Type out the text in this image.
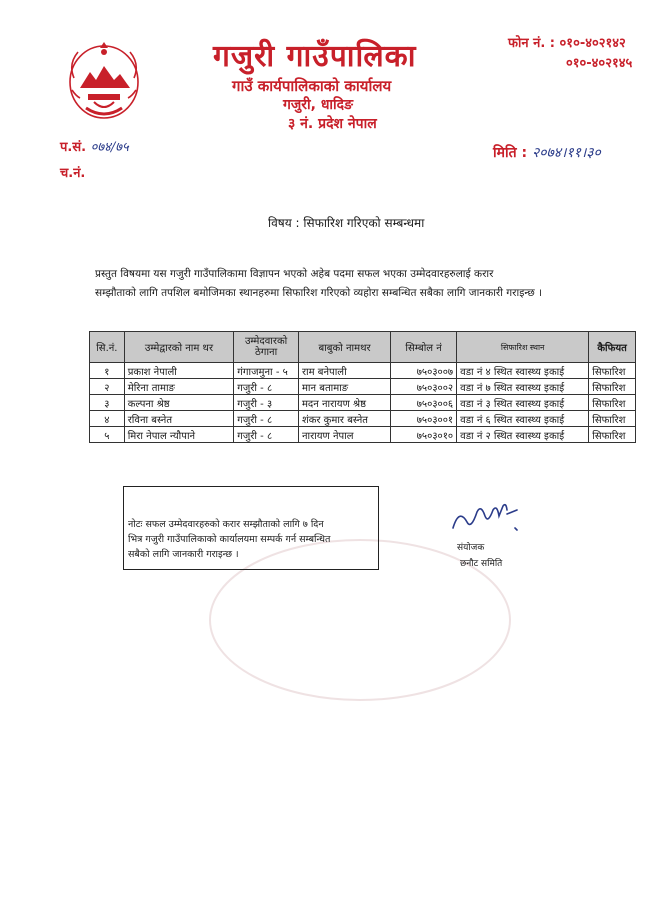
गजुरी गाउँपालिका
गाउँ कार्यपालिकाको कार्यालय
गजुरी, धादिङ
३ नं. प्रदेश नेपाल
फोन नं. : ०१०-४०२१४२
०१०-४०२१४५
प.सं. ०७४/७५
च.नं.
मिति : २०७४।११।३०
विषय : सिफारिश गरिएको सम्बन्धमा
प्रस्तुत विषयमा यस गजुरी गाउँपालिकामा विज्ञापन भएको अहेब पदमा सफल भएका उम्मेदवारहरुलाई करार
सम्झौताको लागि तपशिल बमोजिमका स्थानहरुमा सिफारिश गरिएको व्यहोरा सम्बन्धित सबैका लागि जानकारी गराइन्छ ।
सि.नं.	उम्मेद्वारको नाम थर	उम्मेदवारको ठेगाना	बाबुको नामथर	सिम्बोल नं	सिफारिश स्थान	कैफियत
१	प्रकाश नेपाली	गंगाजमुना - ५	राम बनेपाली	७५०३००७	वडा नं ४ स्थित स्वास्थ्य इकाई	सिफारिश
२	मेरिना तामाङ	गजुरी - ८	मान बतामाङ	७५०३००२	वडा नं ७ स्थित स्वास्थ्य इकाई	सिफारिश
३	कल्पना श्रेष्ठ	गजुरी - ३	मदन नारायण श्रेष्ठ	७५०३००६	वडा नं ३ स्थित स्वास्थ्य इकाई	सिफारिश
४	रविना बस्नेत	गजुरी - ८	शंकर कुमार बस्नेत	७५०३००१	वडा नं ६ स्थित स्वास्थ्य इकाई	सिफारिश
५	मिरा नेपाल न्यौपाने	गजुरी - ८	नारायण नेपाल	७५०३०१०	वडा नं २ स्थित स्वास्थ्य इकाई	सिफारिश
नोटः सफल उम्मेदवारहरुको करार सम्झौताको लागि ७ दिन
भित्र गजुरी गाउँपालिकाको कार्यालयमा सम्पर्क गर्न सम्बन्धित
सबैको लागि जानकारी गराइन्छ ।
संयोजक
छनौट समिति
